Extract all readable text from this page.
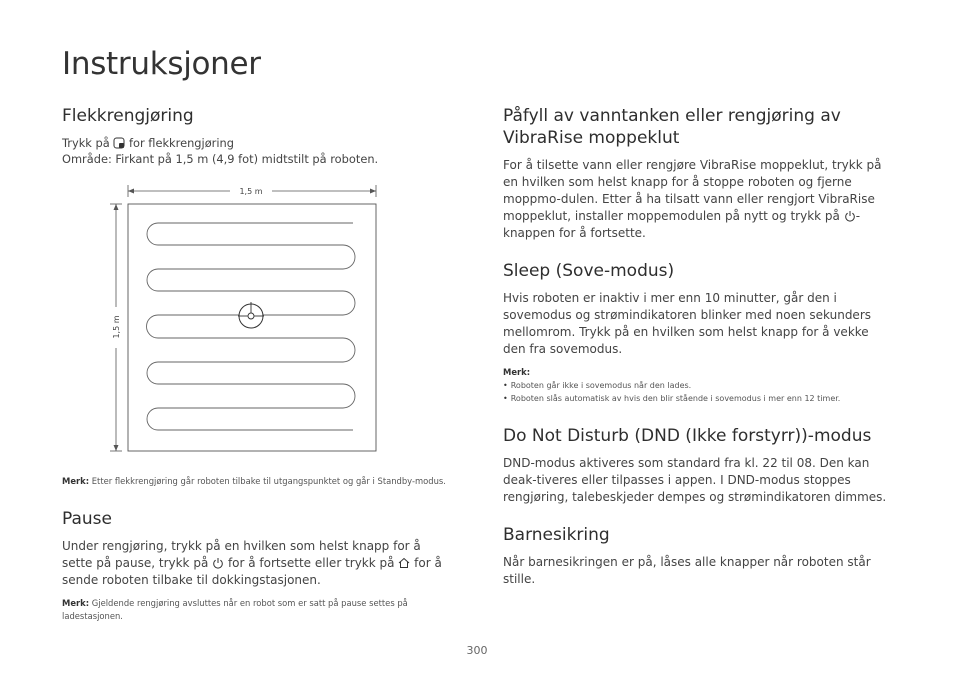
Instruksjoner
Flekkrengjøring

Trykk på for flekkrengjøring

Område: Firkant på 1,5 m (4,9 fot) midtstilt på roboten.

1,5 m
1,5 m

Merk: Etter flekkrengjøring går roboten tilbake til utgangspunktet og går i Standby-modus.

Pause

Under rengjøring, trykk på en hvilken som helst knapp for å sette på pause, trykk på for å fortsette eller trykk på for å sende roboten tilbake til dokkingstasjonen.

Merk: Gjeldende rengjøring avsluttes når en robot som er satt på pause settes på ladestasjonen.

Påfyll av vanntanken eller rengjøring av VibraRise moppeklut

For å tilsette vann eller rengjøre VibraRise moppeklut, trykk på en hvilken som helst knapp for å stoppe roboten og fjerne moppmo-dulen. Etter å ha tilsatt vann eller rengjort VibraRise moppeklut, installer moppemodulen på nytt og trykk på -knappen for å fortsette.

Sleep (Sove-modus)

Hvis roboten er inaktiv i mer enn 10 minutter, går den i sovemodus og strømindikatoren blinker med noen sekunders mellomrom. Trykk på en hvilken som helst knapp for å vekke den fra sovemodus.

Merk:

• Roboten går ikke i sovemodus når den lades.
• Roboten slås automatisk av hvis den blir stående i sovemodus i mer enn 12 timer.
Do Not Disturb (DND (Ikke forstyrr))-modus

DND-modus aktiveres som standard fra kl. 22 til 08. Den kan deak-tiveres eller tilpasses i appen. I DND-modus stoppes rengjøring, talebeskjeder dempes og strømindikatoren dimmes.

Barnesikring

Når barnesikringen er på, låses alle knapper når roboten står stille.

300
